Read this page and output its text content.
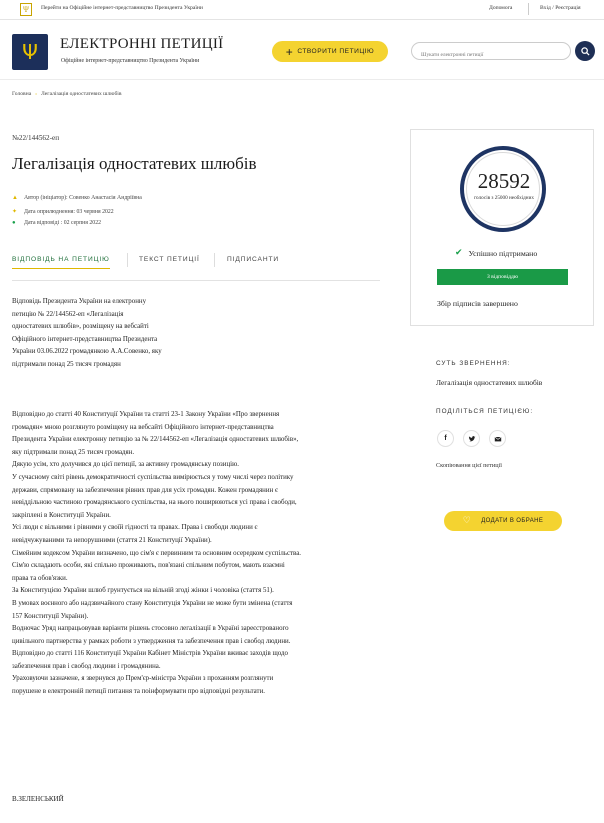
Ψ	Перейти на Офіційне інтернет-представництво Президента України	Допомога	Вхід / Реєстрація
Ψ ЕЛЕКТРОННІ ПЕТИЦІЇ
Офіційне інтернет-представництво Президента України
+ СТВОРИТИ ПЕТИЦІЮ
Шукати електронні петиції
Головна › Легалізація одностатевих шлюбів
№22/144562-еп
Легалізація одностатевих шлюбів
▲	Автор (ініціатор): Совенко Анастасія Андріївна
✦	Дата оприлюднення: 03 червня 2022
●	Дата відповіді : 02 серпня 2022
ВІДПОВІДЬ НА ПЕТИЦІЮ	ТЕКСТ ПЕТИЦІЇ	ПІДПИСАНТИ
Відповідь Президента України на електронну петицію № 22/144562-еп «Легалізація одностатевих шлюбів», розміщену на вебсайті Офіційного інтернет-представництва Президента України 03.06.2022 громадянкою А.А.Совенко, яку підтримали понад 25 тисяч громадян
Відповідно до статті 40 Конституції України та статті 23-1 Закону України «Про звернення громадян» мною розглянуто розміщену на вебсайті Офіційного інтернет-представництва Президента України електронну петицію за № 22/144562-еп «Легалізація одностатевих шлюбів», яку підтримали понад 25 тисяч громадян.
Дякую усім, хто долучився до цієї петиції, за активну громадянську позицію.
У сучасному світі рівень демократичності суспільства вимірюється у тому числі через політику держави, спрямовану на забезпечення рівних прав для усіх громадян. Кожен громадянин є невіддільною частиною громадянського суспільства, на нього поширюються усі права і свободи, закріплені в Конституції України.
Усі люди є вільними і рівними у своїй гідності та правах. Права і свободи людини є невідчужуваними та непорушними (стаття 21 Конституції України).
Сімейним кодексом України визначено, що сім'я є первинним та основним осередком суспільства. Сім'ю складають особи, які спільно проживають, пов'язані спільним побутом, мають взаємні права та обов'язки.
За Конституцією України шлюб грунтується на вільній згоді жінки і чоловіка (стаття 51).
В умовах воєнного або надзвичайного стану Конституція України не може бути змінена (стаття 157 Конституції України).
Водночас Уряд напрацьовував варіанти рішень стосовно легалізації в Україні зареєстрованого цивільного партнерства у рамках роботи з утвердження та забезпечення прав і свобод людини.
Відповідно до статті 116 Конституції України Кабінет Міністрів України вживає заходів щодо забезпечення прав і свобод людини і громадянина.
Ураховуючи зазначене, я звернувся до Прем'єр-міністра України з проханням розглянути порушене в електронній петиції питання та поінформувати про відповідні результати.
В.ЗЕЛЕНСЬКИЙ
28592
голосів з 25000 необхідних
✔ Успішно підтримано
З відповіддю
Збір підписів завершено
СУТЬ ЗВЕРНЕННЯ:
Легалізація одностатевих шлюбів
ПОДІЛІТЬСЯ ПЕТИЦІЄЮ:
f
Скопіювання цієї петиції
♡ ДОДАТИ В ОБРАНЕ
